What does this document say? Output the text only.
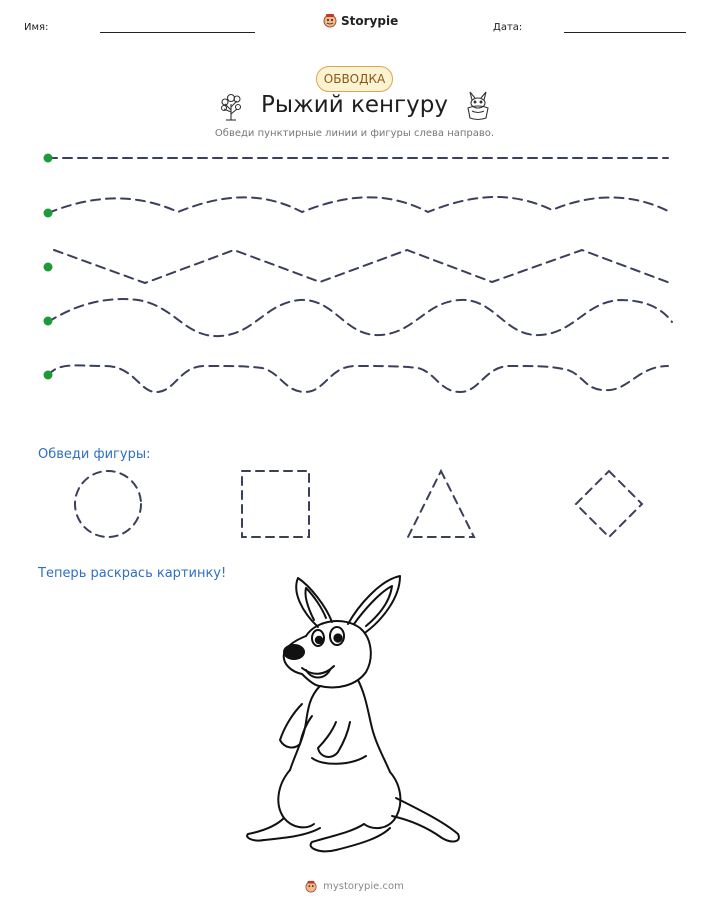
Имя:	Storypie	Дата:
ОБВОДКА
Рыжий кенгуру
Обведи пунктирные линии и фигуры слева направо.
Обведи фигуры:
Теперь раскрась картинку!
mystorypie.com
